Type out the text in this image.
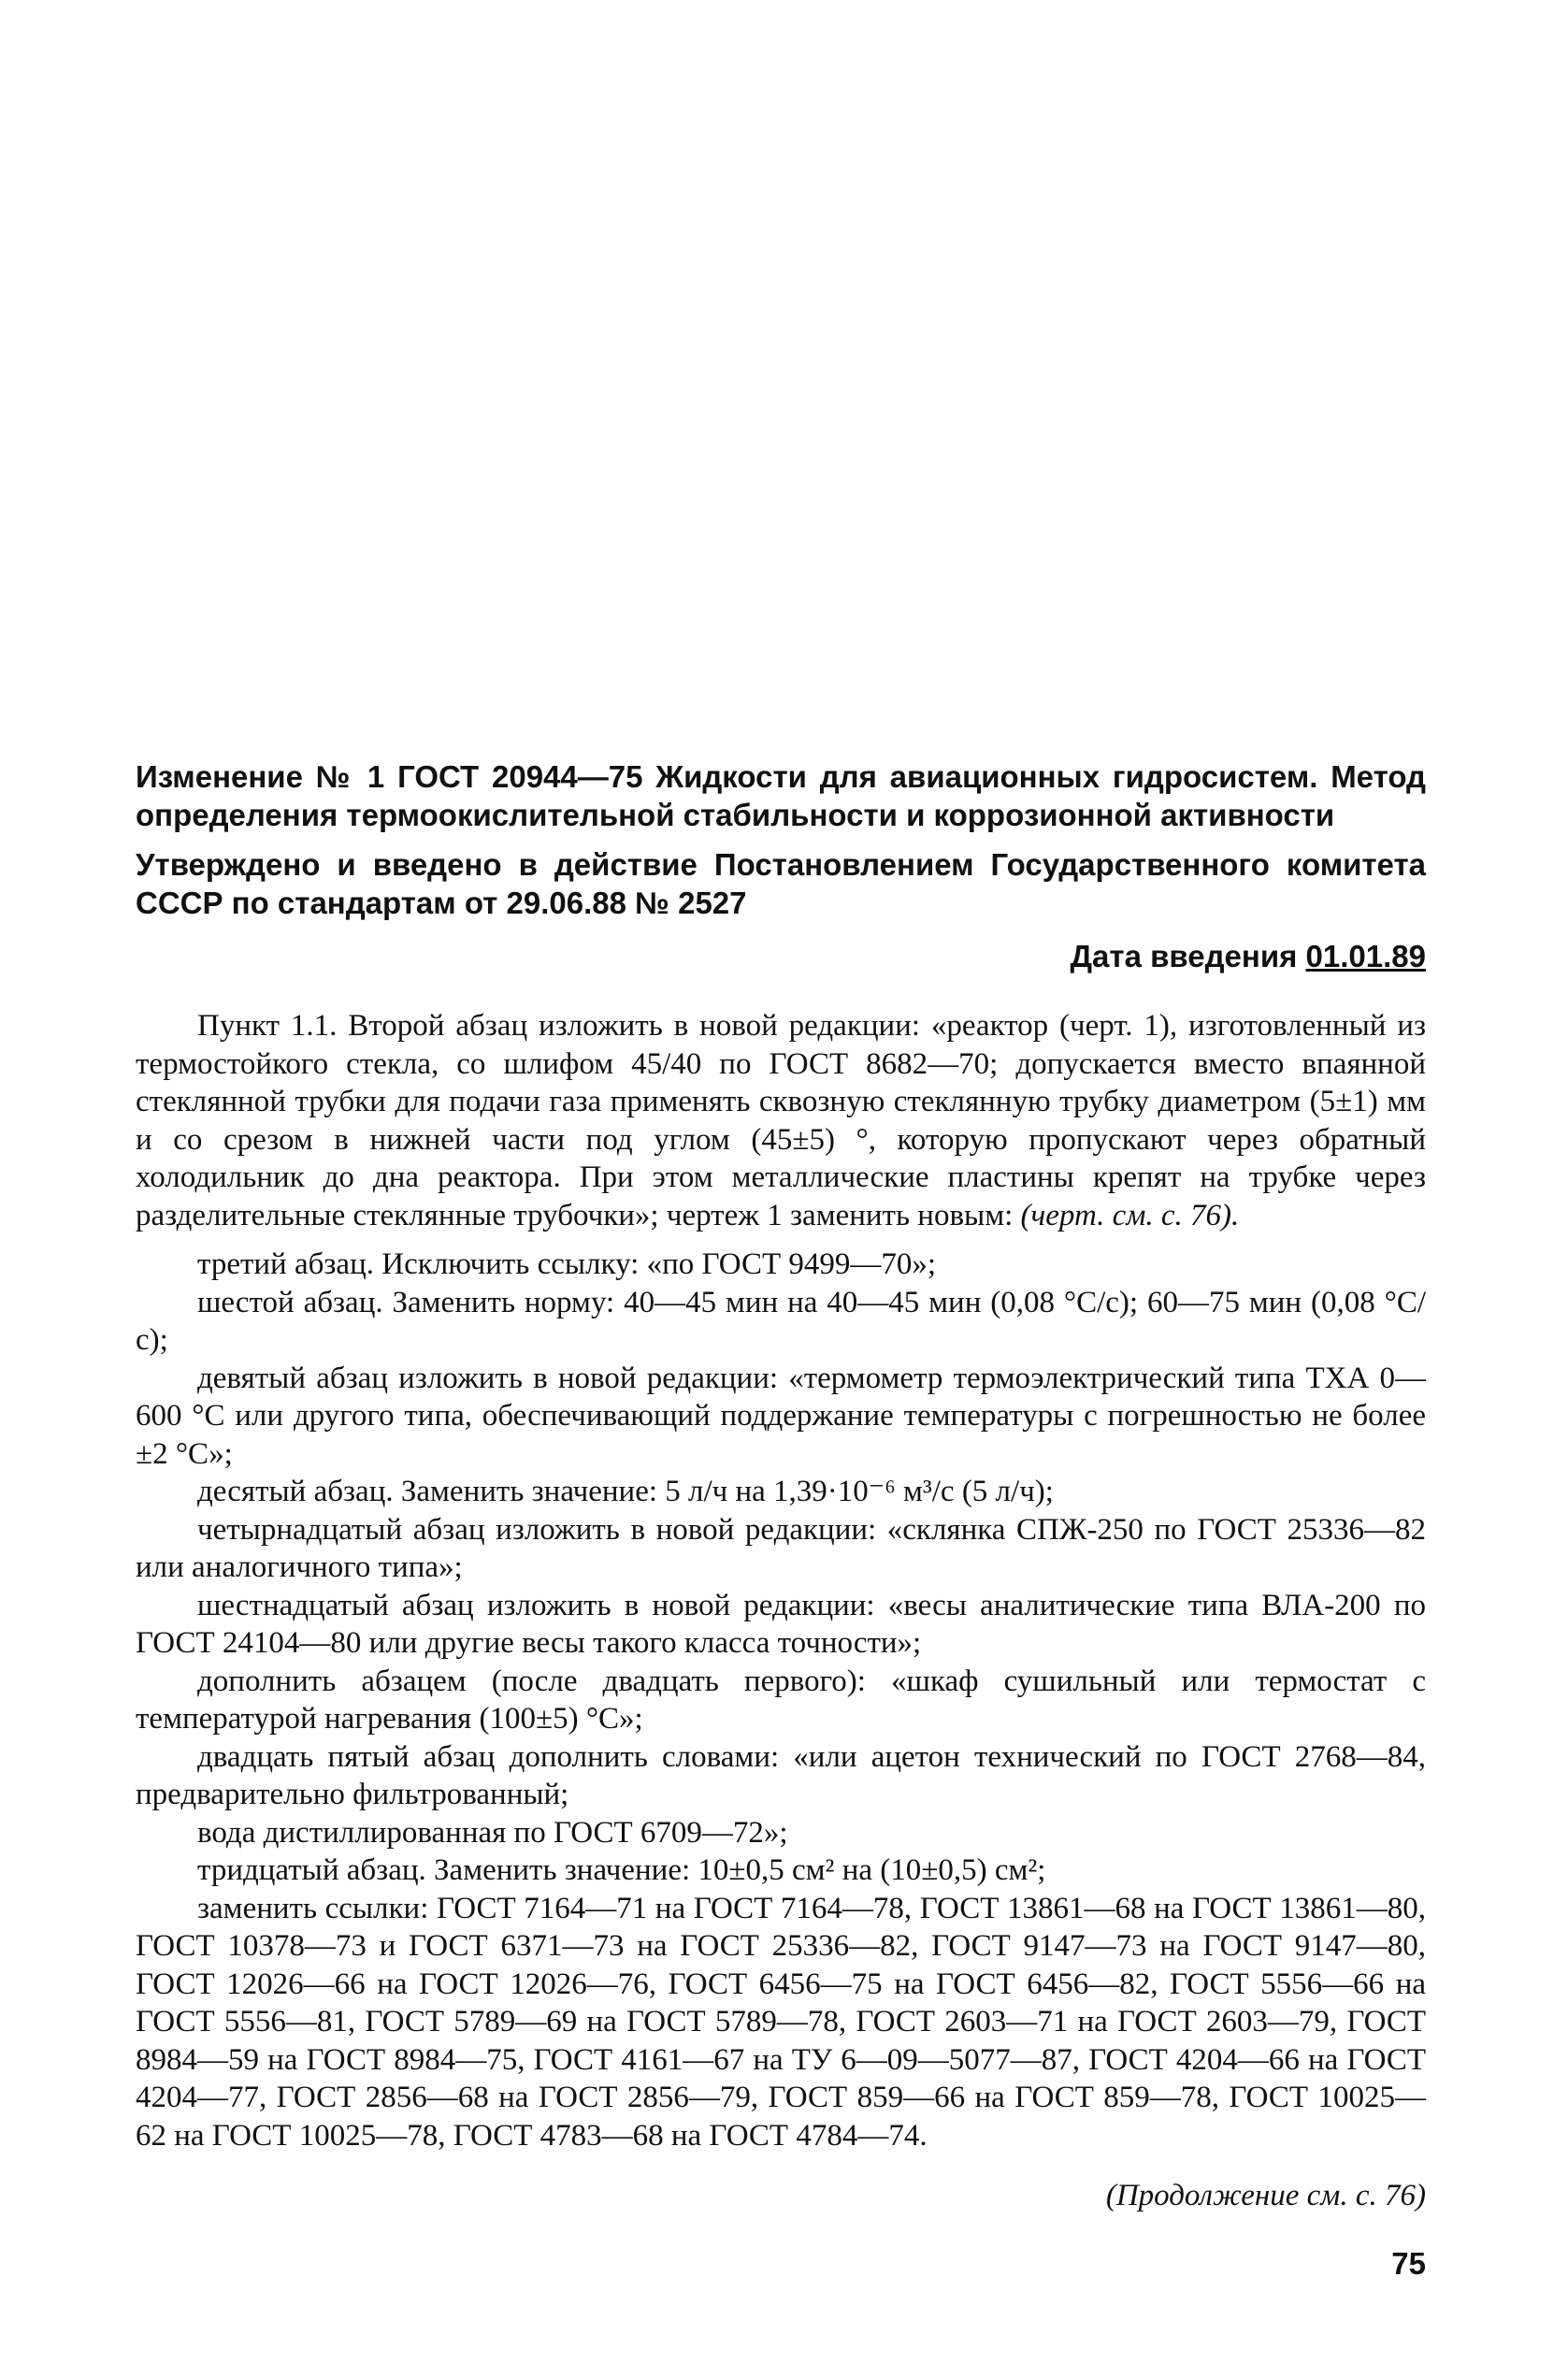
Изменение № 1 ГОСТ 20944—75 Жидкости для авиационных гидросистем. Метод определения термоокислительной стабильности и коррозионной активности

Утверждено и введено в действие Постановлением Государственного комитета СССР по стандартам от 29.06.88 № 2527

Дата введения 01.01.89

Пункт 1.1. Второй абзац изложить в новой редакции: «реактор (черт. 1), изготовленный из термостойкого стекла, со шлифом 45/40 по ГОСТ 8682—70; допускается вместо впаянной стеклянной трубки для подачи газа применять сквозную стеклянную трубку диаметром (5±1) мм и со срезом в нижней части под углом (45±5) °, которую пропускают через обратный холодильник до дна реактора. При этом металлические пластины крепят на трубке через разделительные стеклянные трубочки»; чертеж 1 заменить новым: (черт. см. с. 76).

третий абзац. Исключить ссылку: «по ГОСТ 9499—70»;

шестой абзац. Заменить норму: 40—45 мин на 40—45 мин (0,08 °С/с); 60—75 мин (0,08 °С/с);

девятый абзац изложить в новой редакции: «термометр термоэлектрический типа ТХА 0—600 °С или другого типа, обеспечивающий поддержание температуры с погрешностью не более ±2 °С»;

десятый абзац. Заменить значение: 5 л/ч на 1,39·10⁻⁶ м³/с (5 л/ч);

четырнадцатый абзац изложить в новой редакции: «склянка СПЖ-250 по ГОСТ 25336—82 или аналогичного типа»;

шестнадцатый абзац изложить в новой редакции: «весы аналитические типа ВЛА-200 по ГОСТ 24104—80 или другие весы такого класса точности»;

дополнить абзацем (после двадцать первого): «шкаф сушильный или термостат с температурой нагревания (100±5) °С»;

двадцать пятый абзац дополнить словами: «или ацетон технический по ГОСТ 2768—84, предварительно фильтрованный;

вода дистиллированная по ГОСТ 6709—72»;

тридцатый абзац. Заменить значение: 10±0,5 см² на (10±0,5) см²;

заменить ссылки: ГОСТ 7164—71 на ГОСТ 7164—78, ГОСТ 13861—68 на ГОСТ 13861—80, ГОСТ 10378—73 и ГОСТ 6371—73 на ГОСТ 25336—82, ГОСТ 9147—73 на ГОСТ 9147—80, ГОСТ 12026—66 на ГОСТ 12026—76, ГОСТ 6456—75 на ГОСТ 6456—82, ГОСТ 5556—66 на ГОСТ 5556—81, ГОСТ 5789—69 на ГОСТ 5789—78, ГОСТ 2603—71 на ГОСТ 2603—79, ГОСТ 8984—59 на ГОСТ 8984—75, ГОСТ 4161—67 на ТУ 6—09—5077—87, ГОСТ 4204—66 на ГОСТ 4204—77, ГОСТ 2856—68 на ГОСТ 2856—79, ГОСТ 859—66 на ГОСТ 859—78, ГОСТ 10025—62 на ГОСТ 10025—78, ГОСТ 4783—68 на ГОСТ 4784—74.

(Продолжение см. с. 76)
75
